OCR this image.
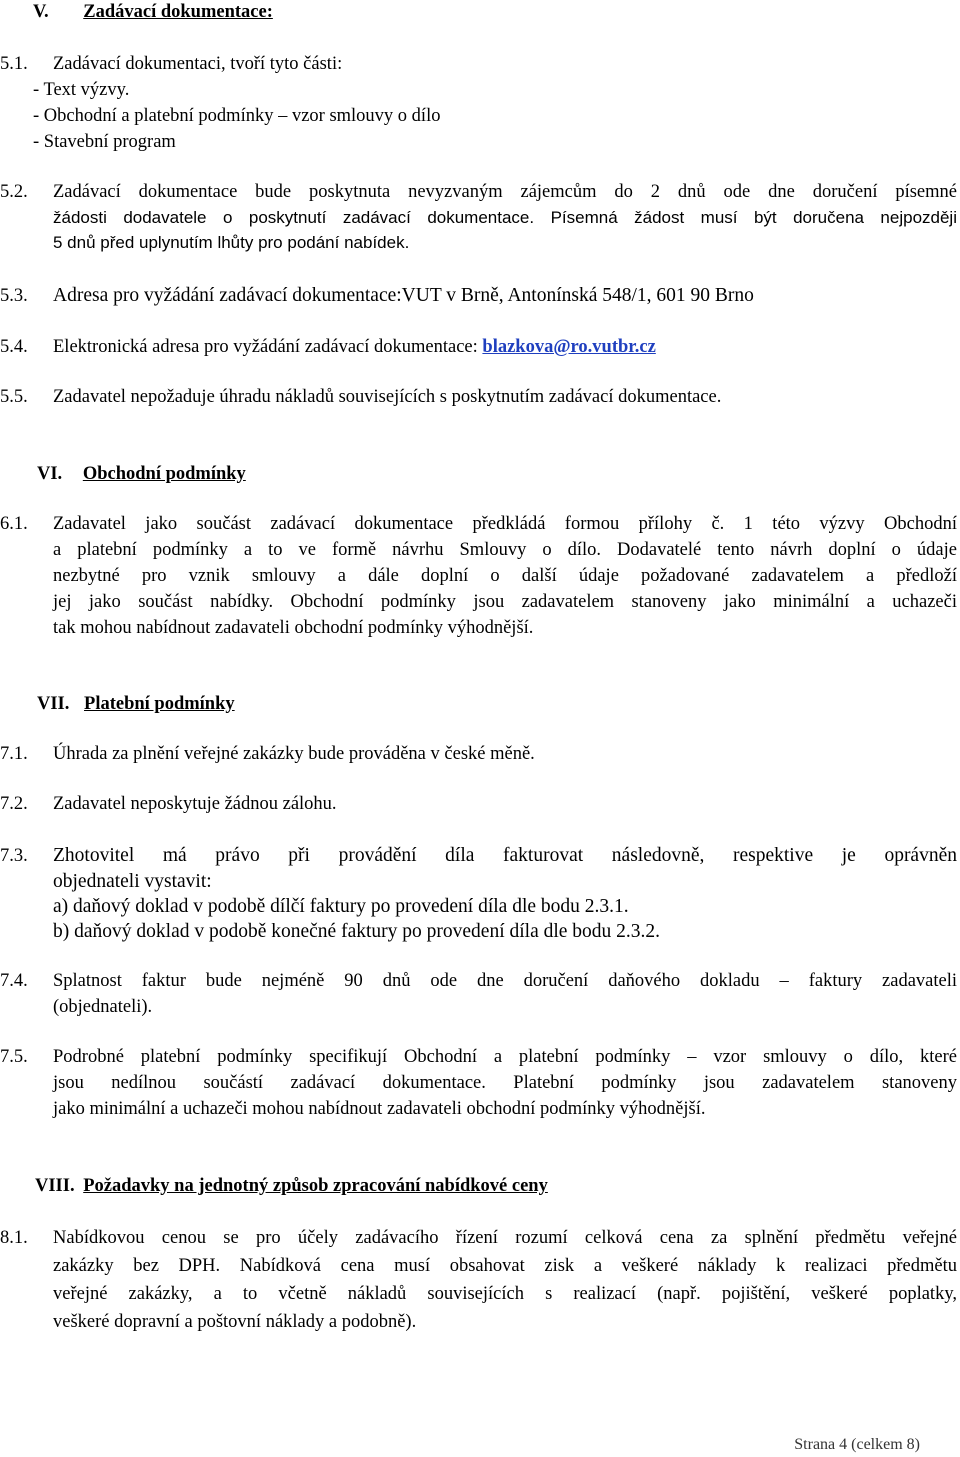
V. Zadávací dokumentace:
5.1. Zadávací dokumentaci, tvoří tyto části:
- Text výzvy.
- Obchodní a platební podmínky – vzor smlouvy o dílo
- Stavební program
5.2. Zadávací dokumentace bude poskytnuta nevyzvaným zájemcům do 2 dnů ode dne doručení písemné
žádosti dodavatele o poskytnutí zadávací dokumentace. Písemná žádost musí být doručena nejpozději
5 dnů před uplynutím lhůty pro podání nabídek.
5.3. Adresa pro vyžádání zadávací dokumentace:VUT v Brně, Antonínská 548/1, 601 90 Brno
5.4. Elektronická adresa pro vyžádání zadávací dokumentace: blazkova@ro.vutbr.cz
5.5. Zadavatel nepožaduje úhradu nákladů souvisejících s poskytnutím zadávací dokumentace.
VI. Obchodní podmínky
6.1. Zadavatel jako součást zadávací dokumentace předkládá formou přílohy č. 1 této výzvy Obchodní
a platební podmínky a to ve formě návrhu Smlouvy o dílo. Dodavatelé tento návrh doplní o údaje
nezbytné pro vznik smlouvy a dále doplní o další údaje požadované zadavatelem a předloží
jej jako součást nabídky. Obchodní podmínky jsou zadavatelem stanoveny jako minimální a uchazeči
tak mohou nabídnout zadavateli obchodní podmínky výhodnější.
VII. Platební podmínky
7.1. Úhrada za plnění veřejné zakázky bude prováděna v české měně.
7.2. Zadavatel neposkytuje žádnou zálohu.
7.3. Zhotovitel má právo při provádění díla fakturovat následovně, respektive je oprávněn
objednateli vystavit:
a) daňový doklad v podobě dílčí faktury po provedení díla dle bodu 2.3.1.
b) daňový doklad v podobě konečné faktury po provedení díla dle bodu 2.3.2.
7.4. Splatnost faktur bude nejméně 90 dnů ode dne doručení daňového dokladu – faktury zadavateli
(objednateli).
7.5. Podrobné platební podmínky specifikují Obchodní a platební podmínky – vzor smlouvy o dílo, které
jsou nedílnou součástí zadávací dokumentace. Platební podmínky jsou zadavatelem stanoveny
jako minimální a uchazeči mohou nabídnout zadavateli obchodní podmínky výhodnější.
VIII. Požadavky na jednotný způsob zpracování nabídkové ceny
8.1. Nabídkovou cenou se pro účely zadávacího řízení rozumí celková cena za splnění předmětu veřejné
zakázky bez DPH. Nabídková cena musí obsahovat zisk a veškeré náklady k realizaci předmětu
veřejné zakázky, a to včetně nákladů souvisejících s realizací (např. pojištění, veškeré poplatky,
veškeré dopravní a poštovní náklady a podobně).
Strana 4 (celkem 8)
